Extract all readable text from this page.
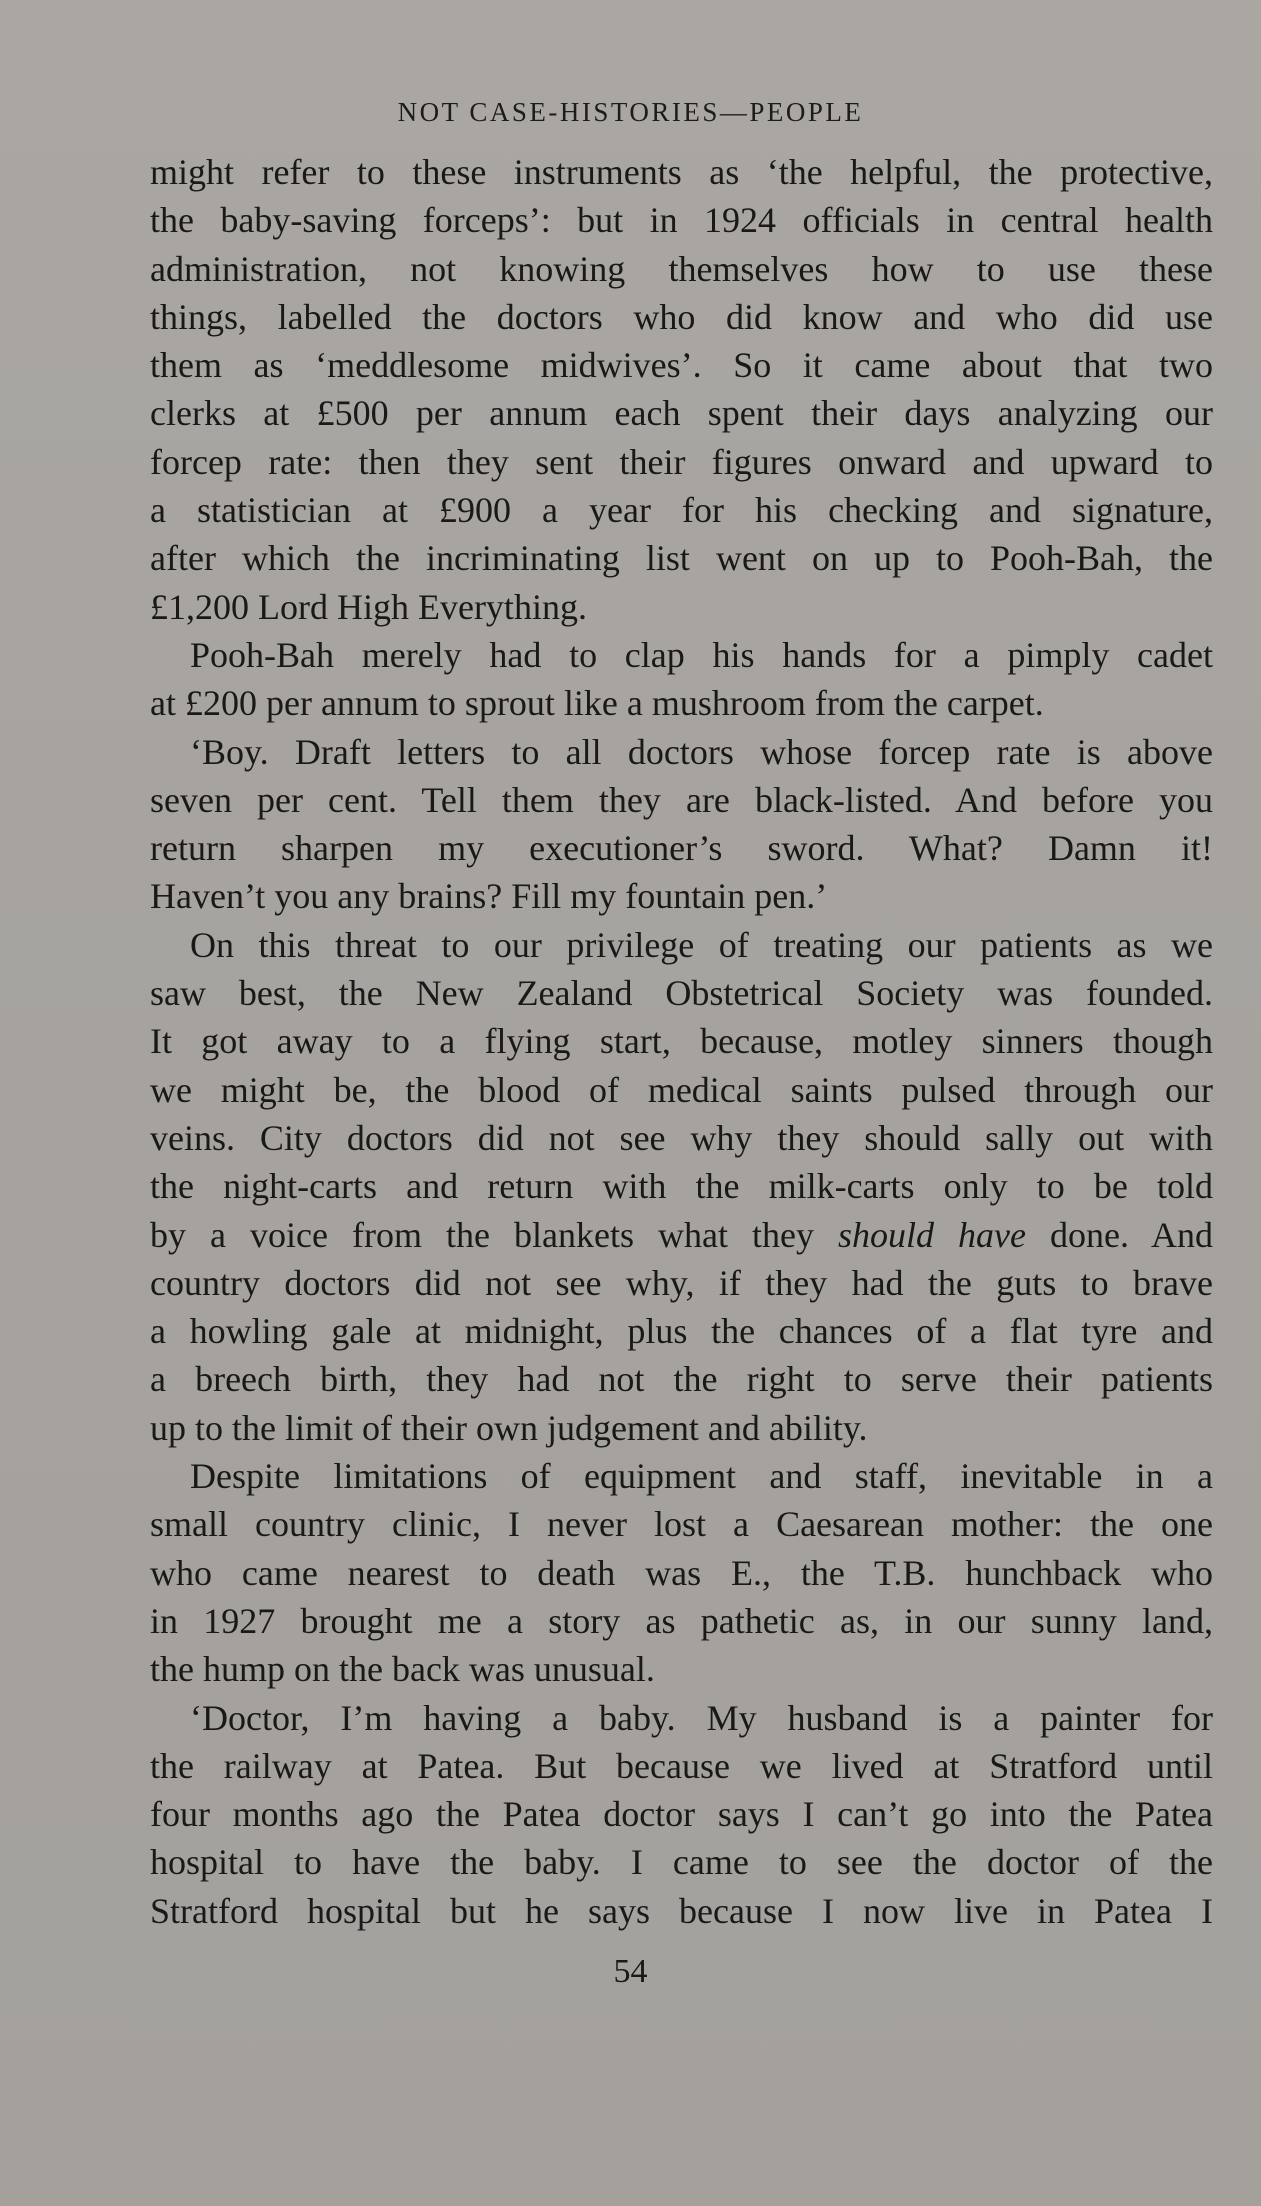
NOT CASE-HISTORIES—PEOPLE

might refer to these instruments as ‘the helpful, the protective,
the baby-saving forceps’: but in 1924 officials in central health
administration, not knowing themselves how to use these
things, labelled the doctors who did know and who did use
them as ‘meddlesome midwives’. So it came about that two
clerks at £500 per annum each spent their days analyzing our
forcep rate: then they sent their figures onward and upward to
a statistician at £900 a year for his checking and signature,
after which the incriminating list went on up to Pooh-Bah, the
£1,200 Lord High Everything.

Pooh-Bah merely had to clap his hands for a pimply cadet
at £200 per annum to sprout like a mushroom from the carpet.

‘Boy. Draft letters to all doctors whose forcep rate is above
seven per cent. Tell them they are black-listed. And before you
return sharpen my executioner’s sword. What? Damn it!
Haven’t you any brains? Fill my fountain pen.’

On this threat to our privilege of treating our patients as we
saw best, the New Zealand Obstetrical Society was founded.
It got away to a flying start, because, motley sinners though
we might be, the blood of medical saints pulsed through our
veins. City doctors did not see why they should sally out with
the night-carts and return with the milk-carts only to be told
by a voice from the blankets what they should have done. And
country doctors did not see why, if they had the guts to brave
a howling gale at midnight, plus the chances of a flat tyre and
a breech birth, they had not the right to serve their patients
up to the limit of their own judgement and ability.

Despite limitations of equipment and staff, inevitable in a
small country clinic, I never lost a Caesarean mother: the one
who came nearest to death was E., the T.B. hunchback who
in 1927 brought me a story as pathetic as, in our sunny land,
the hump on the back was unusual.

‘Doctor, I’m having a baby. My husband is a painter for
the railway at Patea. But because we lived at Stratford until
four months ago the Patea doctor says I can’t go into the Patea
hospital to have the baby. I came to see the doctor of the
Stratford hospital but he says because I now live in Patea I

54
